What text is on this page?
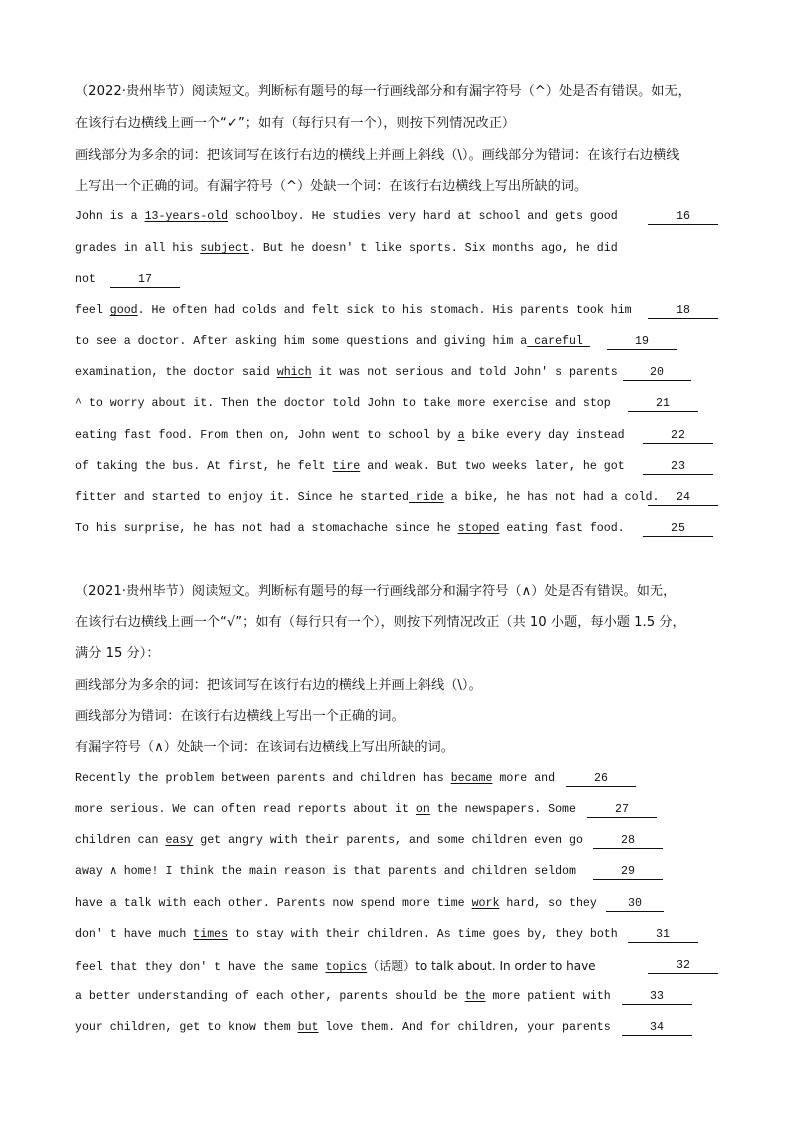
（2022·贵州毕节）阅读短文。判断标有题号的每一行画线部分和有漏字符号（^）处是否有错误。如无，
在该行右边横线上画一个“✓”；如有（每行只有一个），则按下列情况改正）
画线部分为多余的词：把该词写在该行右边的横线上并画上斜线（\）。画线部分为错词：在该行右边横线
上写出一个正确的词。有漏字符号（^）处缺一个词：在该行右边横线上写出所缺的词。
John is a 13-years-old schoolboy. He studies very hard at school and gets good	16
grades in all his subject. But he doesn' t like sports. Six months ago, he did
not	17
feel good. He often had colds and felt sick to his stomach. His parents took him	18
to see a doctor. After asking him some questions and giving him a careful	19
examination, the doctor said which it was not serious and told John' s parents	20
^ to worry about it. Then the doctor told John to take more exercise and stop	21
eating fast food. From then on, John went to school by a bike every day instead	22
of taking the bus. At first, he felt tire and weak. But two weeks later, he got	23
fitter and started to enjoy it. Since he started ride a bike, he has not had a cold.	24
To his surprise, he has not had a stomachache since he stoped eating fast food.	25
（2021·贵州毕节）阅读短文。判断标有题号的每一行画线部分和漏字符号（∧）处是否有错误。如无，
在该行右边横线上画一个“√”；如有（每行只有一个），则按下列情况改正（共 10 小题，每小题 1.5 分，
满分 15 分）：
画线部分为多余的词：把该词写在该行右边的横线上并画上斜线（\）。
画线部分为错词：在该行右边横线上写出一个正确的词。
有漏字符号（∧）处缺一个词：在该词右边横线上写出所缺的词。
Recently the problem between parents and children has became more and	26
more serious. We can often read reports about it on the newspapers. Some	27
children can easy get angry with their parents, and some children even go	28
away ∧ home! I think the main reason is that parents and children seldom	29
have a talk with each other. Parents now spend more time work hard, so they	30
don' t have much times to stay with their children. As time goes by, they both	31
feel that they don' t have the same topics（话题）to talk about. In order to have	32
a better understanding of each other, parents should be the more patient with	33
your children, get to know them but love them. And for children, your parents	34
